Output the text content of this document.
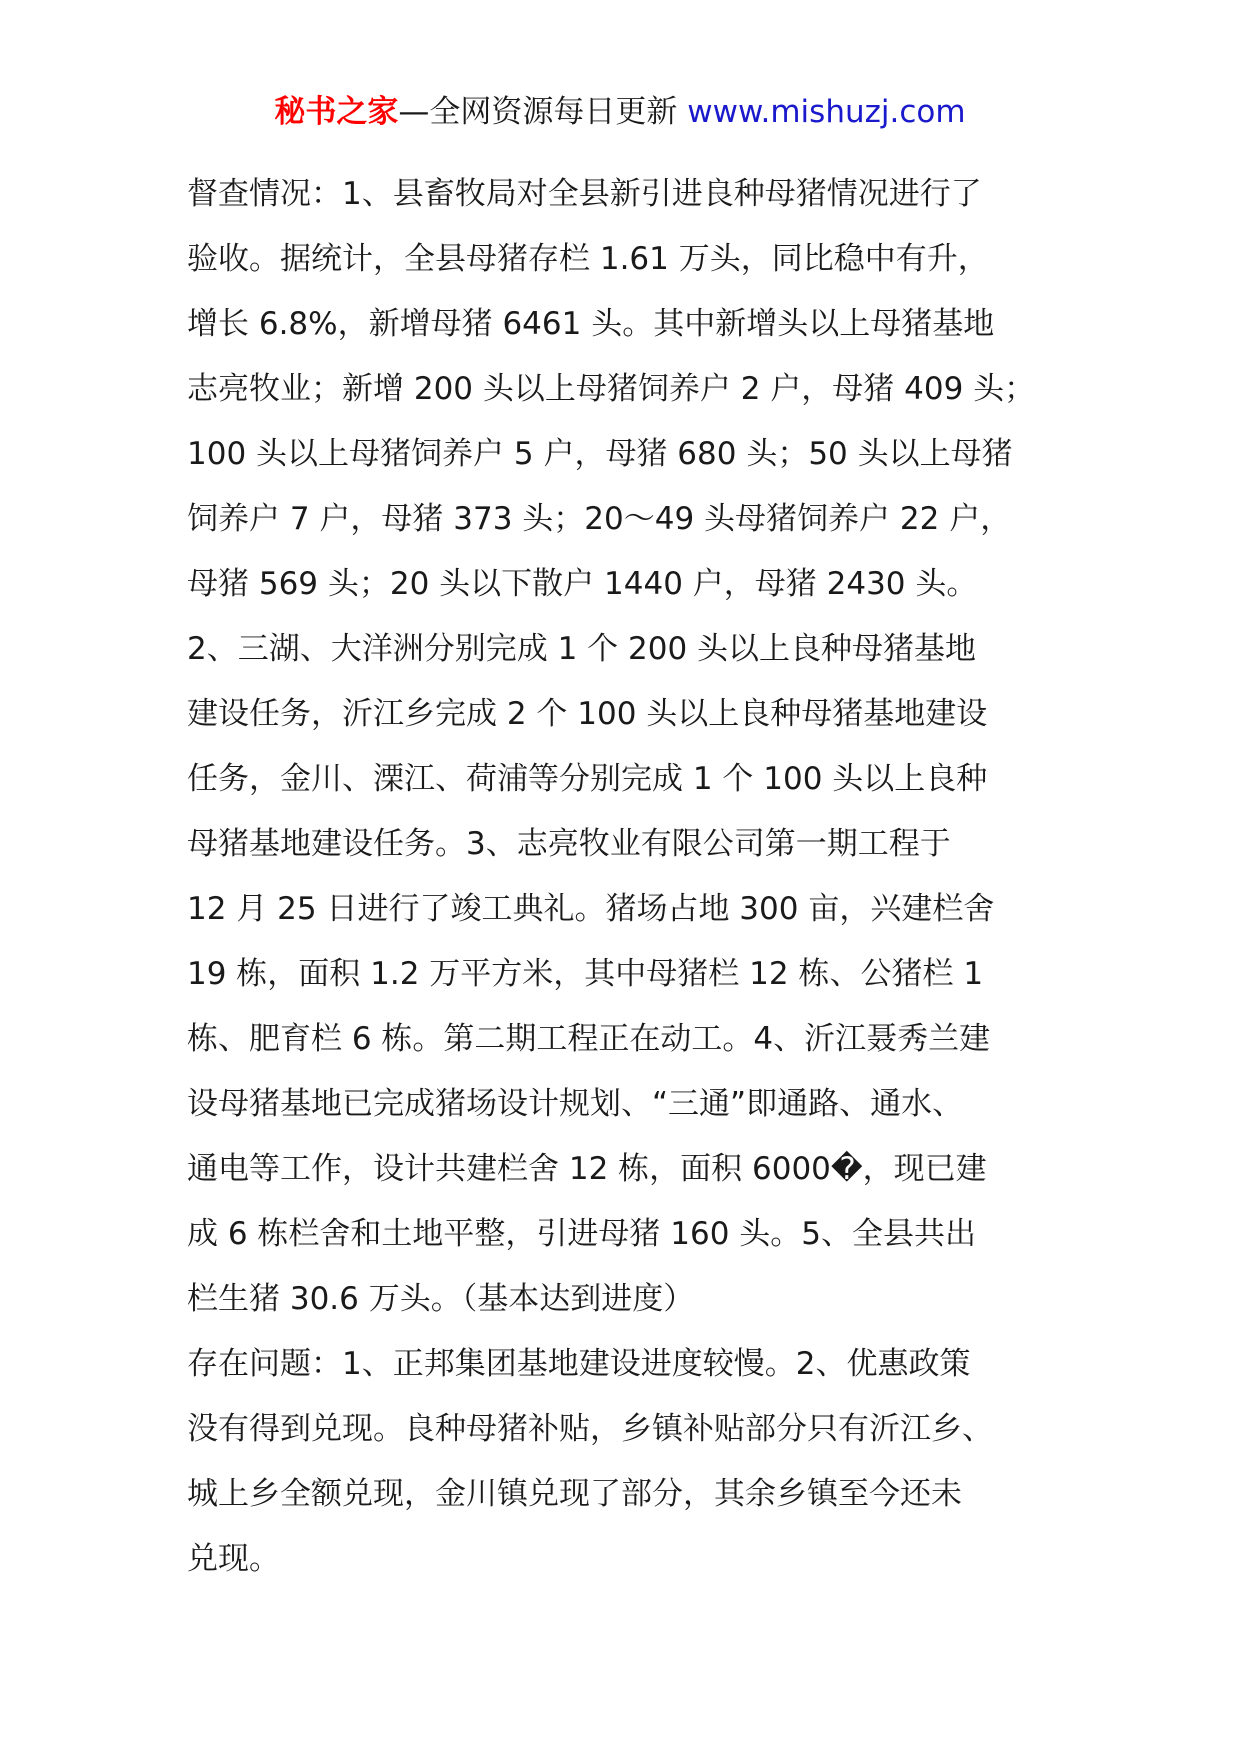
秘书之家—全网资源每日更新 www.mishuzj.com
督查情况：1、县畜牧局对全县新引进良种母猪情况进行了
验收。据统计，全县母猪存栏 1.61 万头，同比稳中有升，
增长 6.8%，新增母猪 6461 头。其中新增头以上母猪基地
志亮牧业；新增 200 头以上母猪饲养户 2 户，母猪 409 头；
100 头以上母猪饲养户 5 户，母猪 680 头；50 头以上母猪
饲养户 7 户，母猪 373 头；20～49 头母猪饲养户 22 户，
母猪 569 头；20 头以下散户 1440 户，母猪 2430 头。
2、三湖、大洋洲分别完成 1 个 200 头以上良种母猪基地
建设任务，沂江乡完成 2 个 100 头以上良种母猪基地建设
任务，金川、溧江、荷浦等分别完成 1 个 100 头以上良种
母猪基地建设任务。3、志亮牧业有限公司第一期工程于
12 月 25 日进行了竣工典礼。猪场占地 300 亩，兴建栏舍
19 栋，面积 1.2 万平方米，其中母猪栏 12 栋、公猪栏 1
栋、肥育栏 6 栋。第二期工程正在动工。4、沂江聂秀兰建
设母猪基地已完成猪场设计规划、“三通”即通路、通水、
通电等工作，设计共建栏舍 12 栋，面积 6000�，现已建
成 6 栋栏舍和土地平整，引进母猪 160 头。5、全县共出
栏生猪 30.6 万头。（基本达到进度）
存在问题：1、正邦集团基地建设进度较慢。2、优惠政策
没有得到兑现。良种母猪补贴，乡镇补贴部分只有沂江乡、
城上乡全额兑现，金川镇兑现了部分，其余乡镇至今还未
兑现。
